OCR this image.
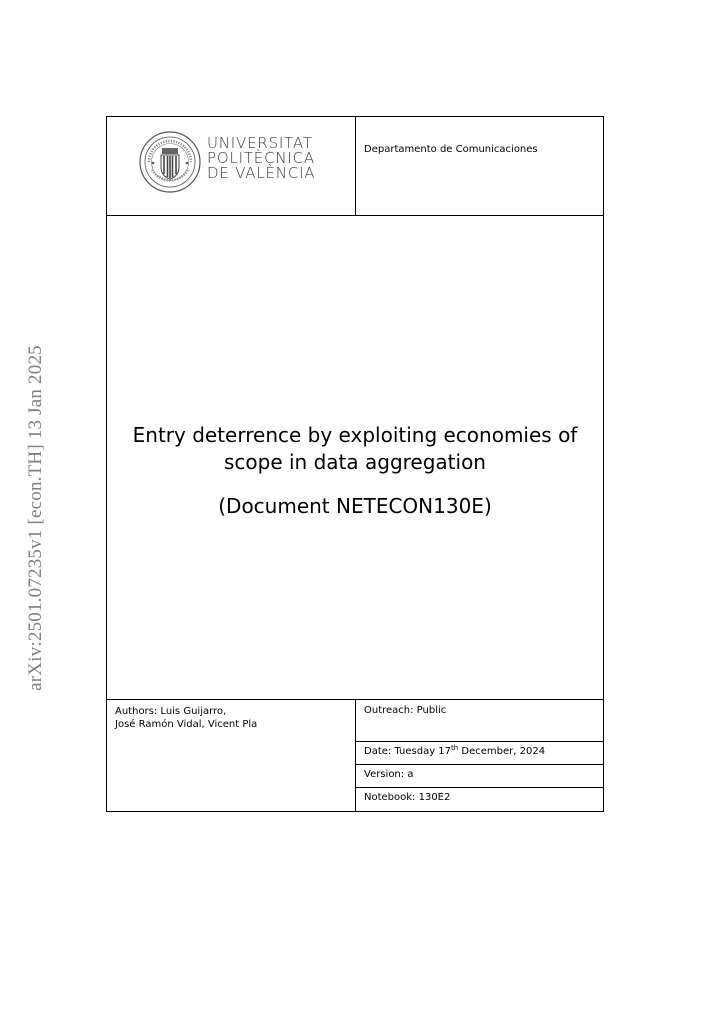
arXiv:2501.07235v1 [econ.TH] 13 Jan 2025
UNIVERSITAT
POLITÈCNICA
DE VALÈNCIA
Departamento de Comunicaciones
Entry deterrence by exploiting economies of
scope in data aggregation
(Document NETECON130E)
Authors: Luis Guijarro,
José Ramón Vidal, Vicent Pla
Outreach: Public
Date: Tuesday 17th December, 2024
Version: a
Notebook: 130E2
